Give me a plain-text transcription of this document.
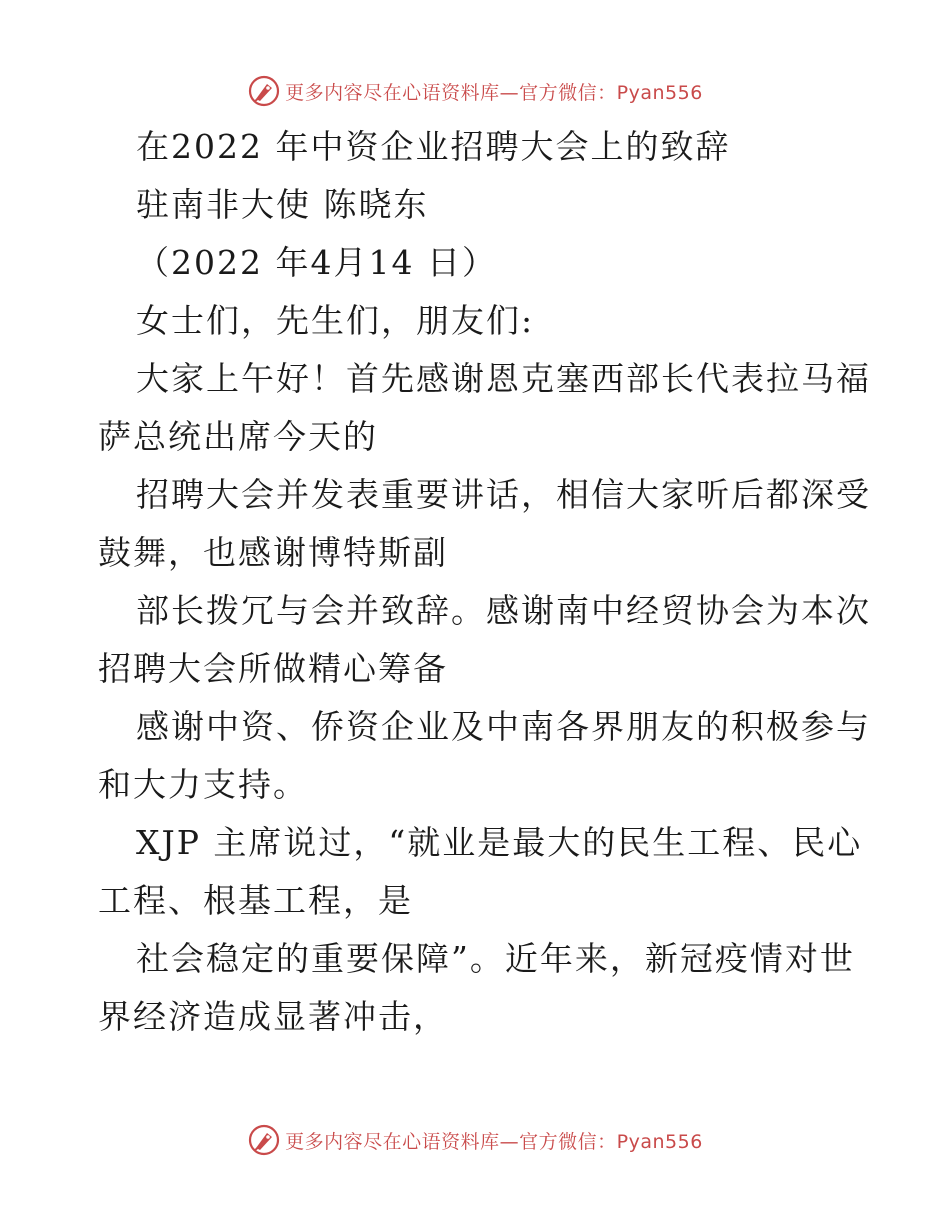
更多内容尽在心语资料库—官方微信：Pyan556
在2022 年中资企业招聘大会上的致辞
驻南非大使 陈晓东
（2022 年4月14 日）
女士们，先生们，朋友们:
大家上午好！首先感谢恩克塞西部长代表拉马福
萨总统出席今天的
招聘大会并发表重要讲话，相信大家听后都深受
鼓舞，也感谢博特斯副
部长拨冗与会并致辞。感谢南中经贸协会为本次
招聘大会所做精心筹备
感谢中资、侨资企业及中南各界朋友的积极参与
和大力支持。
XJP 主席说过，“就业是最大的民生工程、民心
工程、根基工程，是
社会稳定的重要保障”。近年来，新冠疫情对世
界经济造成显著冲击，
更多内容尽在心语资料库—官方微信：Pyan556
